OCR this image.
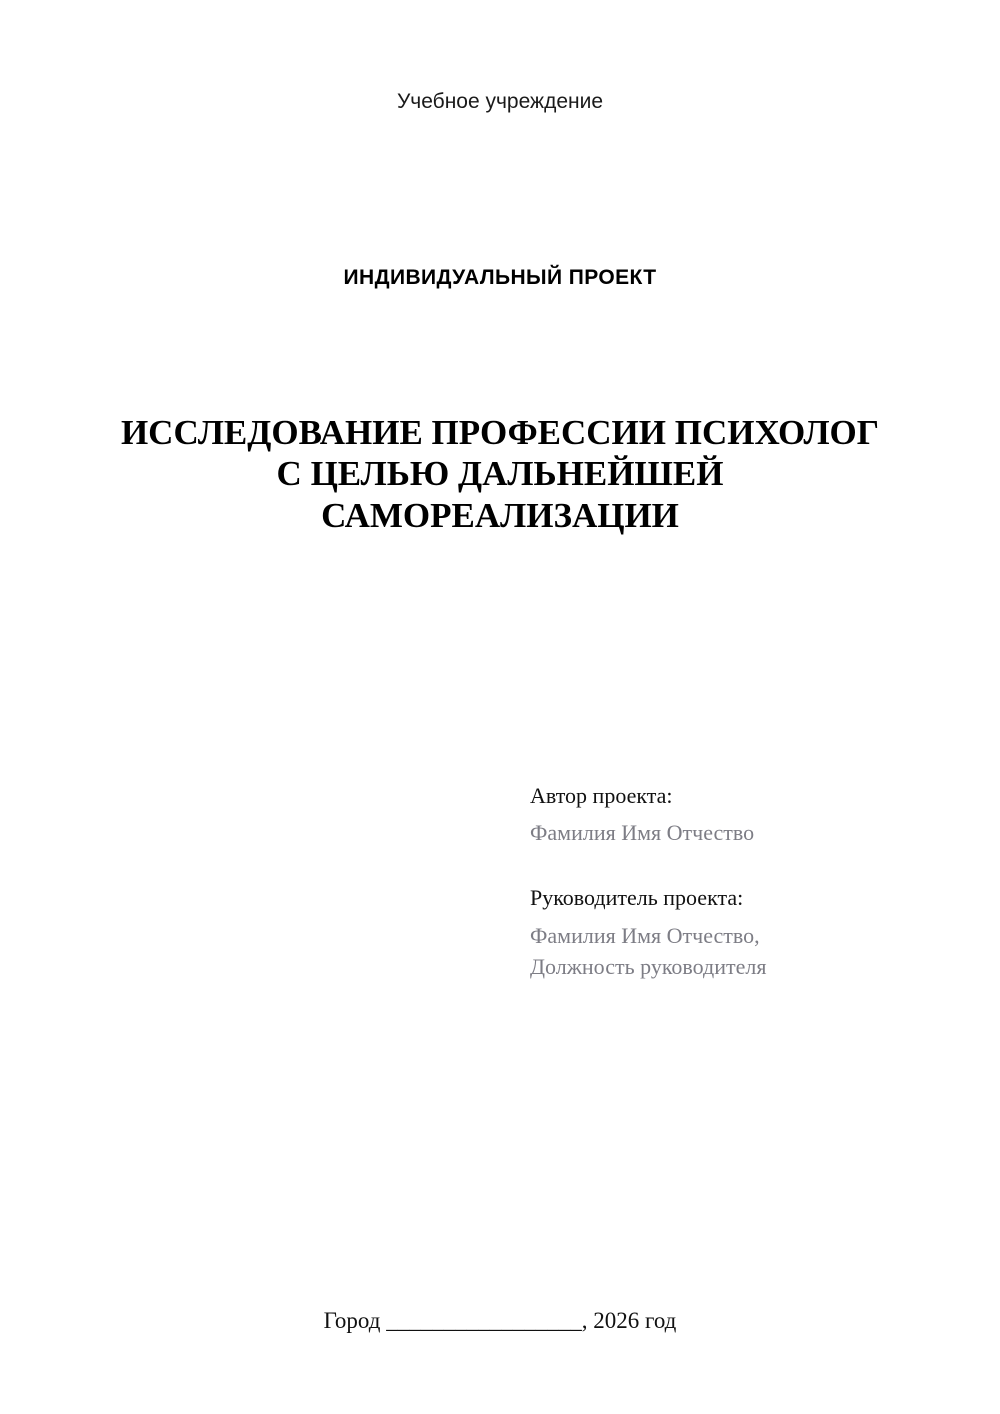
Учебное учреждение
ИНДИВИДУАЛЬНЫЙ ПРОЕКТ
ИССЛЕДОВАНИЕ ПРОФЕССИИ ПСИХОЛОГ С ЦЕЛЬЮ ДАЛЬНЕЙШЕЙ САМОРЕАЛИЗАЦИИ
Автор проекта:
Фамилия Имя Отчество
Руководитель проекта:
Фамилия Имя Отчество,
Должность руководителя
Город _________________, 2026 год
